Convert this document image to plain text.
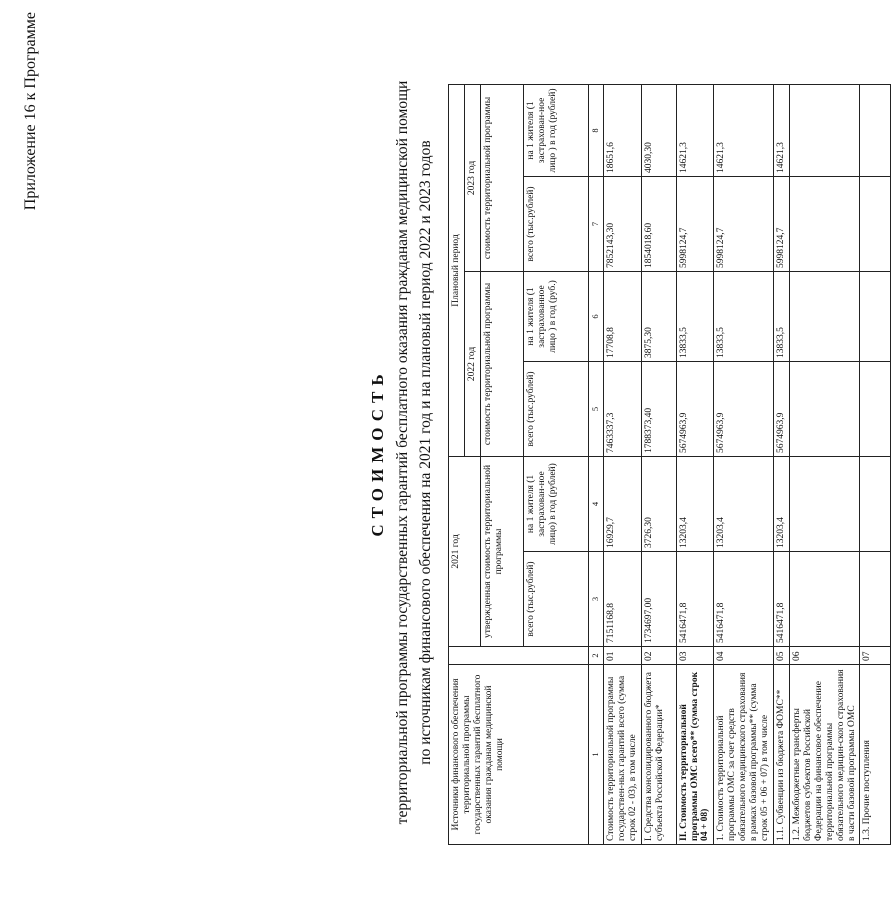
Приложение 16 к Программе
СТОИМОСТЬ территориальной программы государственных гарантий бесплатного оказания гражданам медицинской помощи по источникам финансового обеспечения на 2021 год и на плановый период 2022 и 2023 годов Источники финансового обеспечения территориальной программы государственных гарантий бесплатного оказания гражданам медицинской помощи		2021 год		Плановый период			
				2022 год		2023 год	
		утвержденная стоимость территориальной программы		стоимость территориальной программы		стоимость территориальной программы	
		всего (тыс.рублей)	на 1 жителя (1 застрахован-ное лицо) в год (рублей)	всего (тыс.рублей)	на 1 жителя (1 застрахованное лицо ) в год (руб.)	всего (тыс.рублей)	на 1 жителя (1 застрахован-ное лицо ) в год (рублей)
1	2	3	4	5	6	7	8
Стоимость территориальной программы государствен-ных гарантий всего (сумма строк 02 - 03), в том числе	01	7151168,8	16929,7	7463337,3	17708,8	7852143,30	18651,6
I. Средства консолидированного бюджета субъекта Российской Федерации*	02	1734697,00	3726,30	1788373,40	3875,30	1854018,60	4030,30
II. Стоимость территориальной программы ОМС всего** (сумма строк 04 + 08)	03	5416471,8	13203,4	5674963,9	13833,5	5998124,7	14621,3
1. Стоимость территориальной программы ОМС за счет средств обязательного медицинского страхования в рамках базовой программы** (сумма строк 05 + 06 + 07) в том числе	04	5416471,8	13203,4	5674963,9	13833,5	5998124,7	14621,3
1.1. Субвенции из бюджета ФОМС**	05	5416471,8	13203,4	5674963,9	13833,5	5998124,7	14621,3
1.2. Межбюджетные трансферты бюджетов субъектов Российской Федерации на финансовое обеспечение территориальной программы обязательного медицин-ского страхования в части базовой программы ОМС	06						
1.3. Прочие поступления	07						
